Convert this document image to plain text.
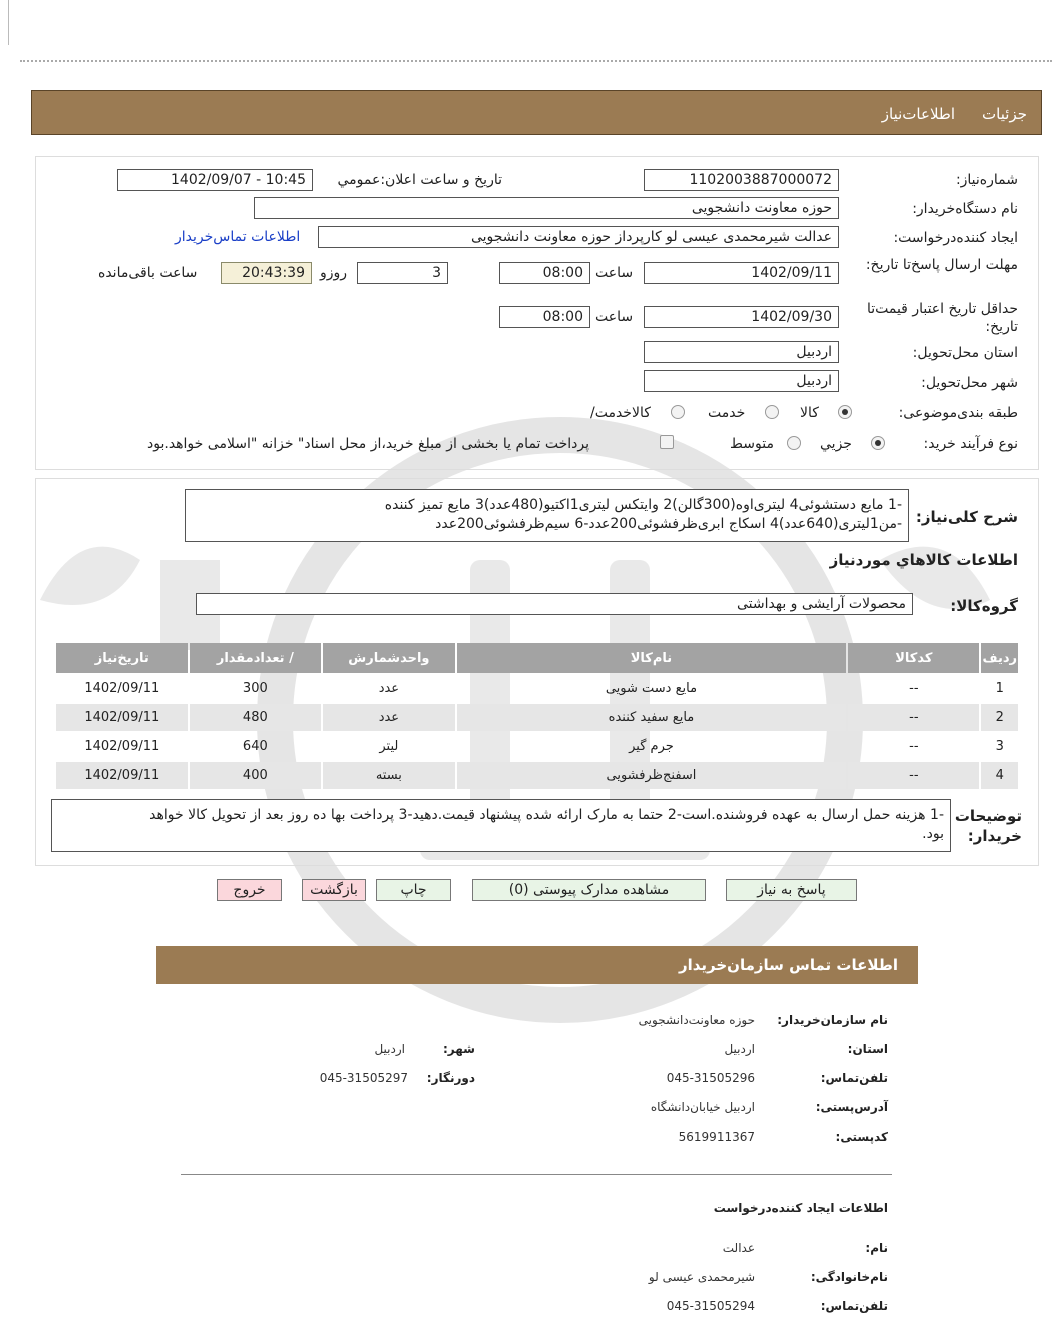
جزئیات
اطلاعات‌نیاز
شماره‌نیاز:
1102003887000072
تاریخ و ساعت اعلان:عمومي
1402/09/07 - 10:45
نام دستگاه‌خریدار:
حوزه معاونت دانشجویی
ایجاد کننده‌درخواست:
عدالت شیرمحمدی عیسی لو کارپرداز حوزه معاونت دانشجویی
اطلاعات تماس‌خریدار
مهلت ارسال پاسخ‌تا تاریخ:
1402/09/11
ساعت
08:00
3
روزو
20:43:39
ساعت باقی‌مانده
حداقل تاریخ اعتبار قیمت‌تا تاریخ:
1402/09/30
ساعت
08:00
استان محل‌تحویل:
اردبیل
شهر محل‌تحویل:
اردبیل
طبقه بندی‌موضوعی:
کالا
خدمت
کالاخدمت/
نوع فرآیند خرید:
جزيي
متوسط
پرداخت تمام یا بخشی از مبلغ خرید،از محل اسناد" خزانه "اسلامی خواهد.بود
شرح کلی‌نیاز:
-1 مایع دستشوئی4 لیتری‌اوه(300گالن)2 وایتکس لیتری1اکتیو(480عدد)3 مایع تمیز کننده
-من1لیتری(640عدد)4 اسکاج ابری‌ظرفشوئی200عدد-6 سیم‌ظرفشوئی200عدد
اطلاعات کالاهاي موردنیاز
گروه‌کالا:
محصولات آرایشی و بهداشتی
ردیف	کدکالا	نام‌کالا	واحدشمارش	/ تعدادمقدار	تاریخ‌نیاز
1	--	مایع دست شویی	عدد	300	1402/09/11
2	--	مایع سفید کننده	عدد	480	1402/09/11
3	--	جرم گیر	لیتر	640	1402/09/11
4	--	اسفنج‌ظرفشویی	بسته	400	1402/09/11
توضیحات
خریدار:
-1 هزینه حمل ارسال به عهده فروشنده.است-2 حتما به مارک ارائه شده پیشنهاد قیمت.دهید-3 پرداخت بها ده روز بعد از تحویل کالا خواهد
بود.
پاسخ به نیاز
مشاهده مدارک پیوستی (0)
چاپ
بازگشت
خروج
اطلاعات تماس سازمان‌خریدار
نام سازمان‌خریدار:
حوزه معاونت‌دانشجویی
استان:
اردبیل
شهر:
اردبیل
تلفن‌تماس:
045-31505296
دورنگار:
045-31505297
آدرس‌پستی:
اردبیل خیابان‌دانشگاه
کدپستی:
5619911367
اطلاعات ایجاد کننده‌درخواست
نام:
عدالت
نام‌خانوادگی:
شیرمحمدی عیسی لو
تلفن‌تماس:
045-31505294
